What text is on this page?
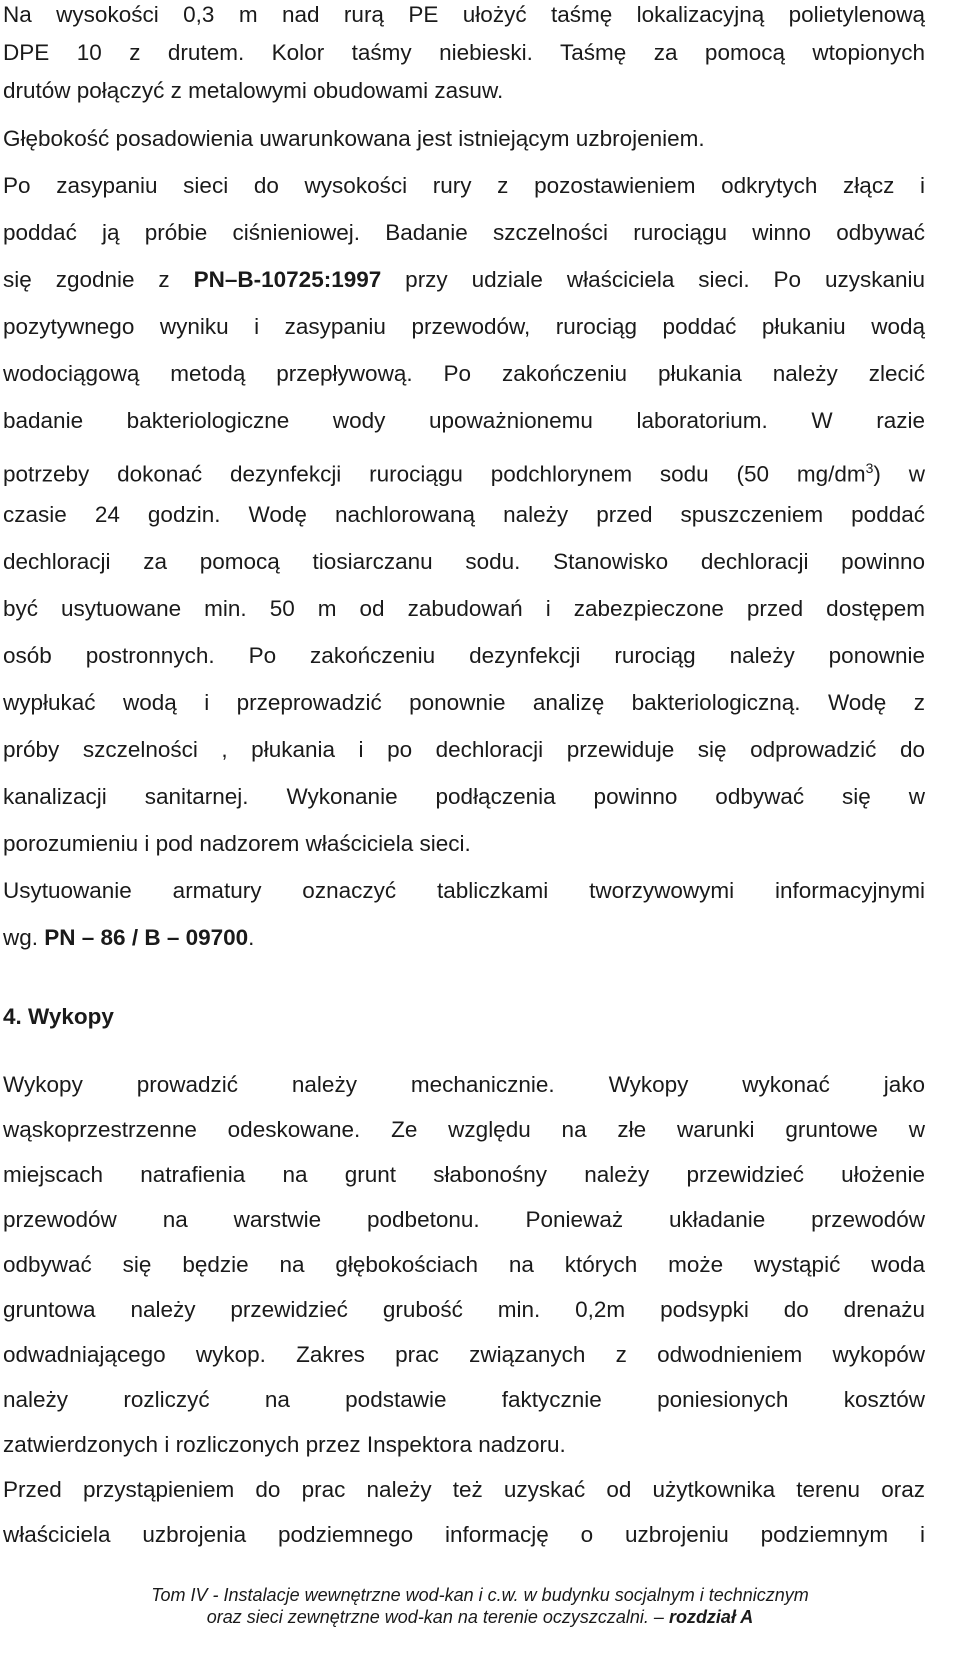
Na wysokości 0,3 m nad rurą PE ułożyć taśmę lokalizacyjną polietylenową
DPE 10 z drutem. Kolor taśmy niebieski. Taśmę za pomocą wtopionych
drutów połączyć z metalowymi obudowami zasuw.
Głębokość posadowienia uwarunkowana jest istniejącym uzbrojeniem.
Po zasypaniu sieci do wysokości rury z pozostawieniem odkrytych złącz i
poddać ją próbie ciśnieniowej. Badanie szczelności rurociągu winno odbywać
się zgodnie z PN–B-10725:1997 przy udziale właściciela sieci. Po uzyskaniu
pozytywnego wyniku i zasypaniu przewodów, rurociąg poddać płukaniu wodą
wodociągową metodą przepływową. Po zakończeniu płukania należy zlecić
badanie bakteriologiczne wody upoważnionemu laboratorium. W razie
potrzeby dokonać dezynfekcji rurociągu podchlorynem sodu (50 $mg/dm^3$) w
czasie 24 godzin. Wodę nachlorowaną należy przed spuszczeniem poddać
dechloracji za pomocą tiosiarczanu sodu. Stanowisko dechloracji powinno
być usytuowane min. 50 m od zabudowań i zabezpieczone przed dostępem
osób postronnych. Po zakończeniu dezynfekcji rurociąg należy ponownie
wypłukać wodą i przeprowadzić ponownie analizę bakteriologiczną. Wodę z
próby szczelności , płukania i po dechloracji przewiduje się odprowadzić do
kanalizacji sanitarnej. Wykonanie podłączenia powinno odbywać się w
porozumieniu i pod nadzorem właściciela sieci.
Usytuowanie armatury oznaczyć tabliczkami tworzywowymi informacyjnymi
wg. PN – 86 / B – 09700.
4. Wykopy
Wykopy prowadzić należy mechanicznie. Wykopy wykonać jako
wąskoprzestrzenne odeskowane. Ze względu na złe warunki gruntowe w
miejscach natrafienia na grunt słabonośny należy przewidzieć ułożenie
przewodów na warstwie podbetonu. Ponieważ układanie przewodów
odbywać się będzie na głębokościach na których może wystąpić woda
gruntowa należy przewidzieć grubość min. 0,2m podsypki do drenażu
odwadniającego wykop. Zakres prac związanych z odwodnieniem wykopów
należy rozliczyć na podstawie faktycznie poniesionych kosztów
zatwierdzonych i rozliczonych przez Inspektora nadzoru.
Przed przystąpieniem do prac należy też uzyskać od użytkownika terenu oraz
właściciela uzbrojenia podziemnego informację o uzbrojeniu podziemnym i
Tom IV - Instalacje wewnętrzne wod-kan i c.w. w budynku socjalnym i technicznym
oraz sieci zewnętrzne wod-kan na terenie oczyszczalni. – rozdział A
